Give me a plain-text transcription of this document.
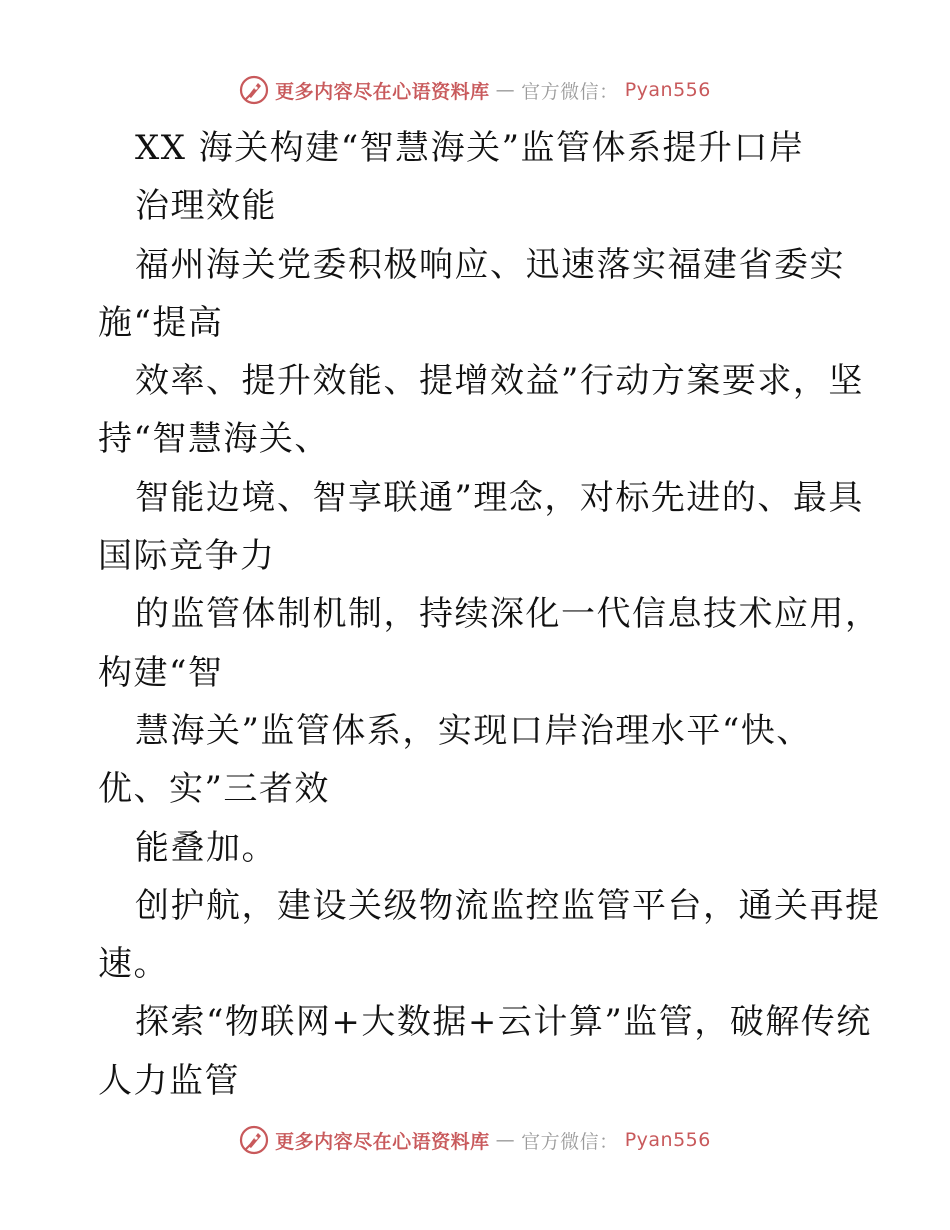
更多内容尽在心语资料库 — 官方微信： Pyan556
XX 海关构建“智慧海关”监管体系提升口岸
治理效能
福州海关党委积极响应、迅速落实福建省委实
施“提高
效率、提升效能、提增效益”行动方案要求，坚
持“智慧海关、
智能边境、智享联通”理念，对标先进的、最具
国际竞争力
的监管体制机制，持续深化一代信息技术应用，
构建“智
慧海关”监管体系，实现口岸治理水平“快、
优、实”三者效
能叠加。
创护航，建设关级物流监控监管平台，通关再提
速。
探索“物联网+大数据+云计算”监管，破解传统
人力监管
更多内容尽在心语资料库 — 官方微信： Pyan556
